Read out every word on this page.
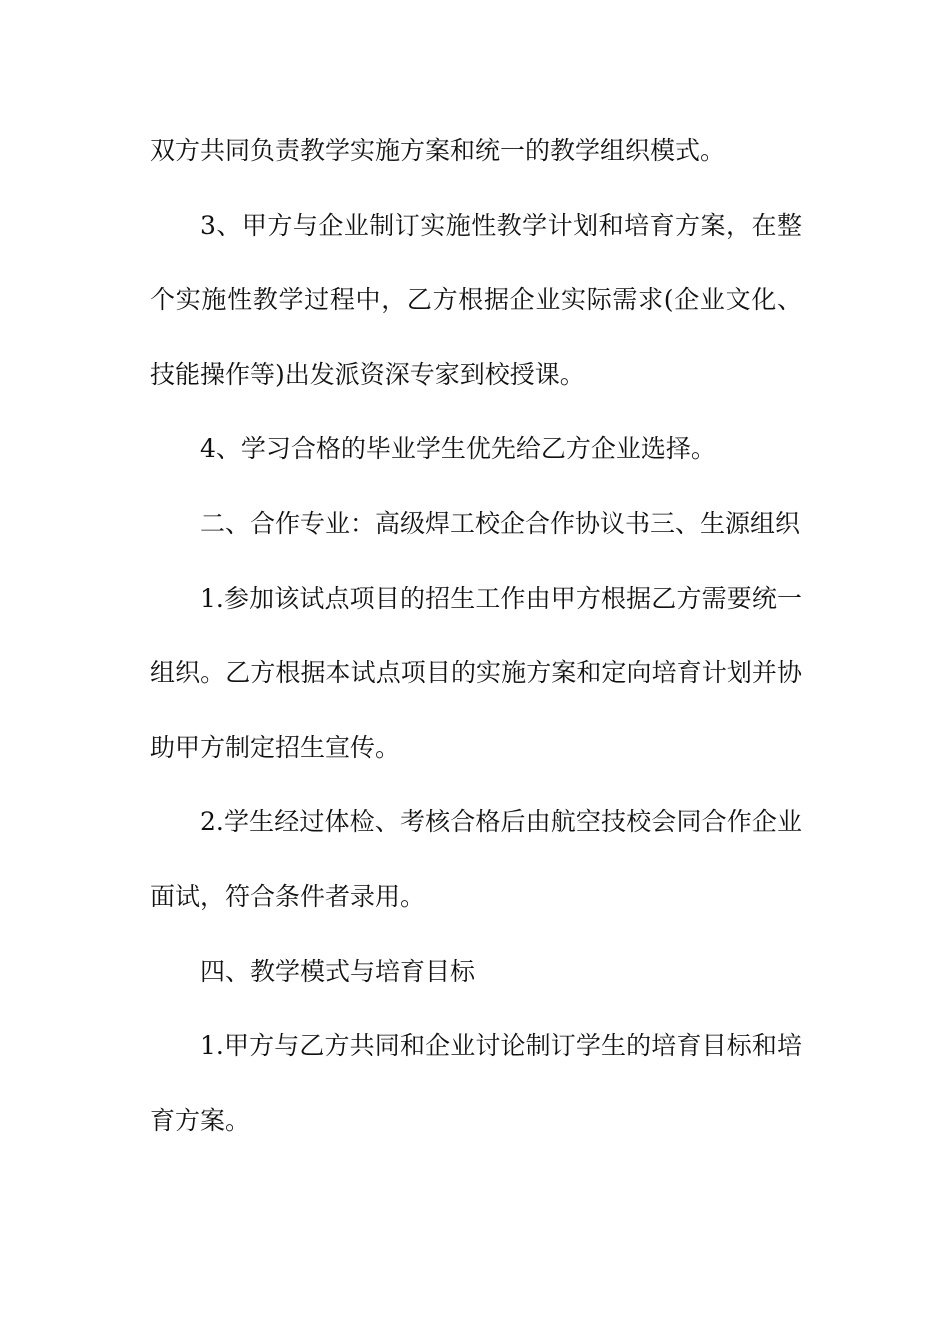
双方共同负责教学实施方案和统一的教学组织模式。

3、甲方与企业制订实施性教学计划和培育方案，在整个实施性教学过程中，乙方根据企业实际需求(企业文化、技能操作等)出发派资深专家到校授课。

4、学习合格的毕业学生优先给乙方企业选择。

二、合作专业：高级焊工校企合作协议书三、生源组织

1.参加该试点项目的招生工作由甲方根据乙方需要统一组织。乙方根据本试点项目的实施方案和定向培育计划并协助甲方制定招生宣传。

2.学生经过体检、考核合格后由航空技校会同合作企业面试，符合条件者录用。

四、教学模式与培育目标

1.甲方与乙方共同和企业讨论制订学生的培育目标和培育方案。
